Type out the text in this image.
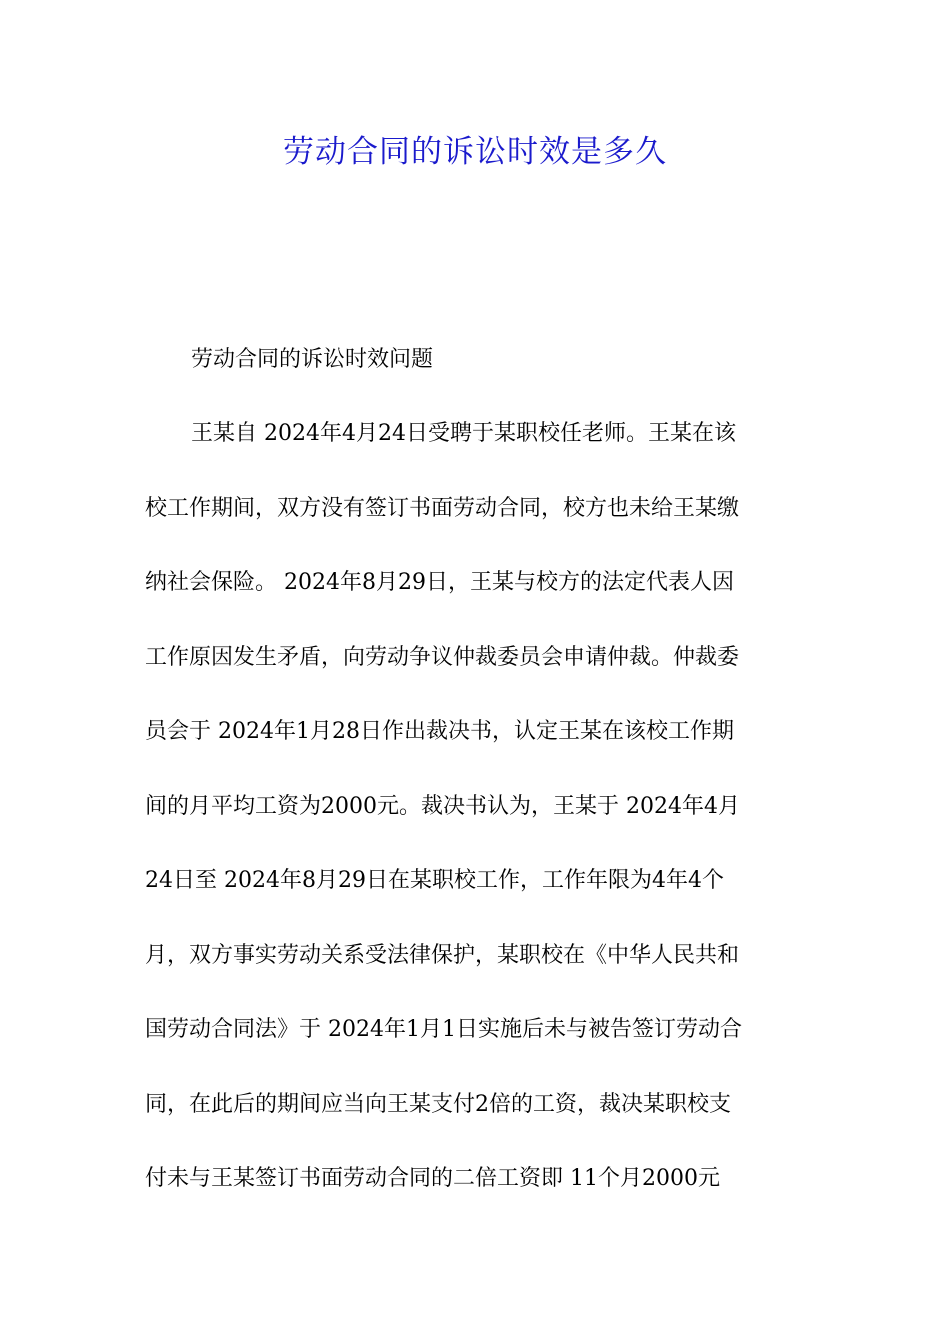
劳动合同的诉讼时效是多久
劳动合同的诉讼时效问题
王某自 2024年4月24日受聘于某职校任老师。王某在该
校工作期间，双方没有签订书面劳动合同，校方也未给王某缴
纳社会保险。 2024年8月29日，王某与校方的法定代表人因
工作原因发生矛盾，向劳动争议仲裁委员会申请仲裁。仲裁委
员会于 2024年1月28日作出裁决书，认定王某在该校工作期
间的月平均工资为2000元。裁决书认为，王某于 2024年4月
24日至 2024年8月29日在某职校工作，工作年限为4年4个
月，双方事实劳动关系受法律保护，某职校在《中华人民共和
国劳动合同法》于 2024年1月1日实施后未与被告签订劳动合
同，在此后的期间应当向王某支付2倍的工资，裁决某职校支
付未与王某签订书面劳动合同的二倍工资即 11个月2000元
